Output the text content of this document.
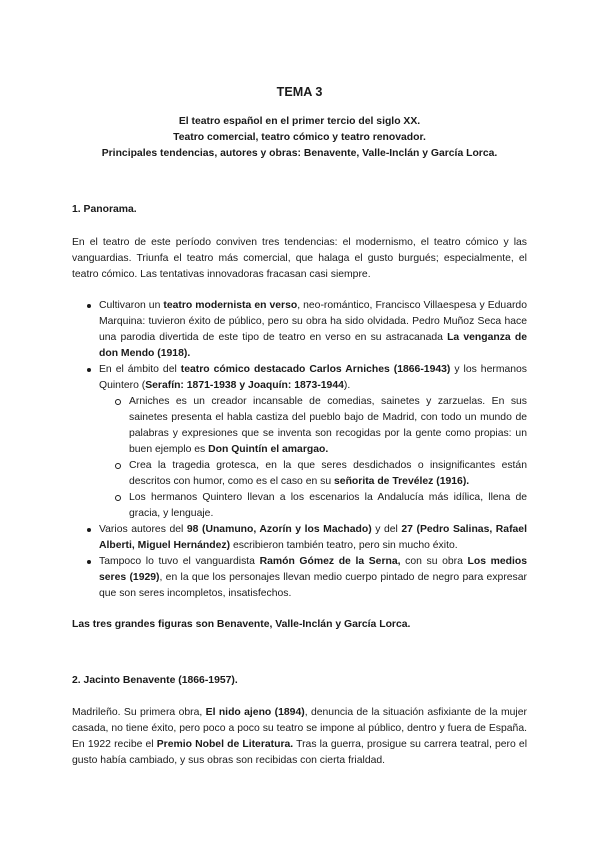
TEMA 3
El teatro español en el primer tercio del siglo XX.
Teatro comercial, teatro cómico y teatro renovador.
Principales tendencias, autores y obras: Benavente, Valle-Inclán y García Lorca.
1. Panorama.

En el teatro de este período conviven tres tendencias: el modernismo, el teatro cómico y las vanguardias. Triunfa el teatro más comercial, que halaga el gusto burgués; especialmente, el teatro cómico. Las tentativas innovadoras fracasan casi siempre.

Cultivaron un teatro modernista en verso, neo-romántico, Francisco Villaespesa y Eduardo Marquina: tuvieron éxito de público, pero su obra ha sido olvidada. Pedro Muñoz Seca hace una parodia divertida de este tipo de teatro en verso en su astracanada La venganza de don Mendo (1918).
En el ámbito del teatro cómico destacado Carlos Arniches (1866-1943) y los hermanos Quintero (Serafín: 1871-1938 y Joaquín: 1873-1944).
Arniches es un creador incansable de comedias, sainetes y zarzuelas. En sus sainetes presenta el habla castiza del pueblo bajo de Madrid, con todo un mundo de palabras y expresiones que se inventa son recogidas por la gente como propias: un buen ejemplo es Don Quintín el amargao.
Crea la tragedia grotesca, en la que seres desdichados o insignificantes están descritos con humor, como es el caso en su señorita de Trevélez (1916).
Los hermanos Quintero llevan a los escenarios la Andalucía más idílica, llena de gracia, y lenguaje.
Varios autores del 98 (Unamuno, Azorín y los Machado) y del 27 (Pedro Salinas, Rafael Alberti, Miguel Hernández) escribieron también teatro, pero sin mucho éxito.
Tampoco lo tuvo el vanguardista Ramón Gómez de la Serna, con su obra Los medios seres (1929), en la que los personajes llevan medio cuerpo pintado de negro para expresar que son seres incompletos, insatisfechos.

Las tres grandes figuras son Benavente, Valle-Inclán y García Lorca.

2. Jacinto Benavente (1866-1957).

Madrileño. Su primera obra, El nido ajeno (1894), denuncia de la situación asfixiante de la mujer casada, no tiene éxito, pero poco a poco su teatro se impone al público, dentro y fuera de España. En 1922 recibe el Premio Nobel de Literatura. Tras la guerra, prosigue su carrera teatral, pero el gusto había cambiado, y sus obras son recibidas con cierta frialdad.
